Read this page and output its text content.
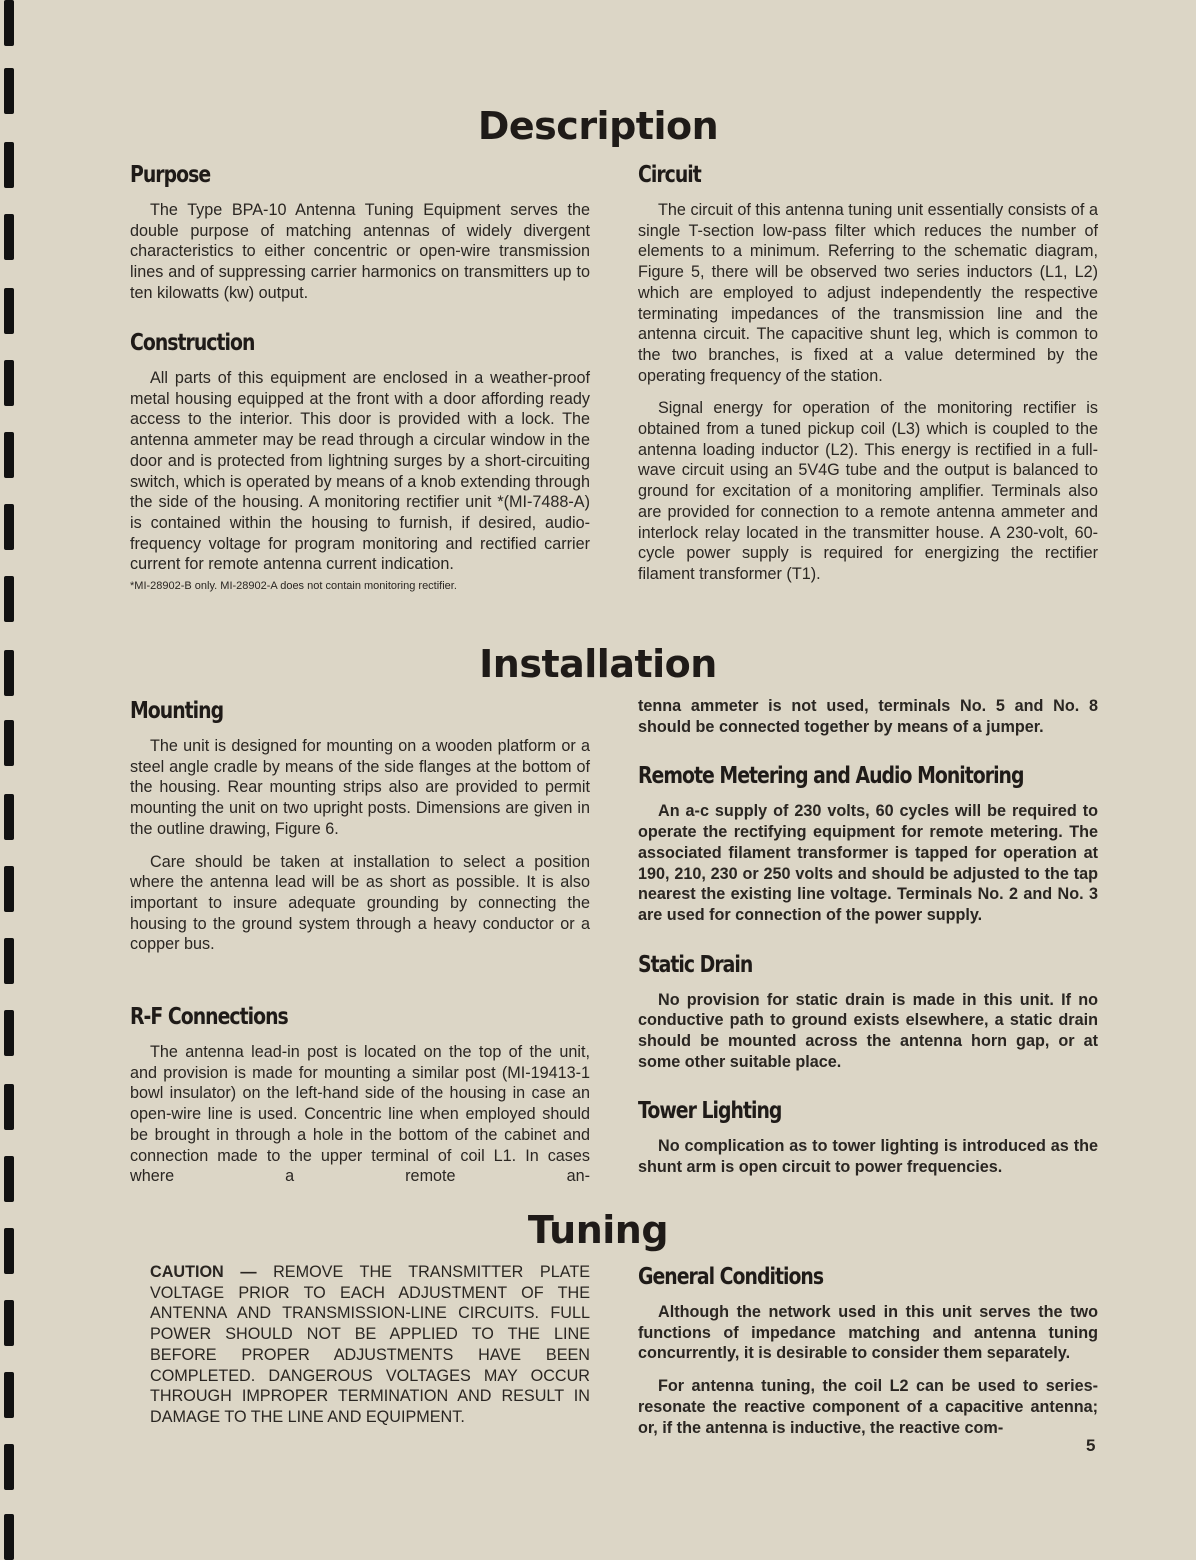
Description
Purpose

The Type BPA-10 Antenna Tuning Equipment serves the double purpose of matching antennas of widely divergent characteristics to either concentric or open-wire transmission lines and of suppressing carrier harmonics on transmitters up to ten kilowatts (kw) output.

Construction

All parts of this equipment are enclosed in a weather-proof metal housing equipped at the front with a door affording ready access to the interior. This door is provided with a lock. The antenna ammeter may be read through a circular window in the door and is protected from lightning surges by a short-circuiting switch, which is operated by means of a knob extending through the side of the housing. A monitoring rectifier unit *(MI-7488-A) is contained within the housing to furnish, if desired, audio-frequency voltage for program monitoring and rectified carrier current for remote antenna current indication.

*MI-28902-B only. MI-28902-A does not contain monitoring rectifier.

Circuit

The circuit of this antenna tuning unit essentially consists of a single T-section low-pass filter which reduces the number of elements to a minimum. Referring to the schematic diagram, Figure 5, there will be observed two series inductors (L1, L2) which are employed to adjust independently the respective terminating impedances of the transmission line and the antenna circuit. The capacitive shunt leg, which is common to the two branches, is fixed at a value determined by the operating frequency of the station.

Signal energy for operation of the monitoring rectifier is obtained from a tuned pickup coil (L3) which is coupled to the antenna loading inductor (L2). This energy is rectified in a full-wave circuit using an 5V4G tube and the output is balanced to ground for excitation of a monitoring amplifier. Terminals also are provided for connection to a remote antenna ammeter and interlock relay located in the transmitter house. A 230-volt, 60-cycle power supply is required for energizing the rectifier filament transformer (T1).

Installation
Mounting

The unit is designed for mounting on a wooden platform or a steel angle cradle by means of the side flanges at the bottom of the housing. Rear mounting strips also are provided to permit mounting the unit on two upright posts. Dimensions are given in the outline drawing, Figure 6.

Care should be taken at installation to select a position where the antenna lead will be as short as possible. It is also important to insure adequate grounding by connecting the housing to the ground system through a heavy conductor or a copper bus.

R-F Connections

The antenna lead-in post is located on the top of the unit, and provision is made for mounting a similar post (MI-19413-1 bowl insulator) on the left-hand side of the housing in case an open-wire line is used. Concentric line when employed should be brought in through a hole in the bottom of the cabinet and connection made to the upper terminal of coil L1. In cases where a remote an-

tenna ammeter is not used, terminals No. 5 and No. 8 should be connected together by means of a jumper.

Remote Metering and Audio Monitoring

An a-c supply of 230 volts, 60 cycles will be required to operate the rectifying equipment for remote metering. The associated filament transformer is tapped for operation at 190, 210, 230 or 250 volts and should be adjusted to the tap nearest the existing line voltage. Terminals No. 2 and No. 3 are used for connection of the power supply.

Static Drain

No provision for static drain is made in this unit. If no conductive path to ground exists elsewhere, a static drain should be mounted across the antenna horn gap, or at some other suitable place.

Tower Lighting

No complication as to tower lighting is introduced as the shunt arm is open circuit to power frequencies.

Tuning

CAUTION — REMOVE THE TRANSMITTER PLATE VOLTAGE PRIOR TO EACH ADJUSTMENT OF THE ANTENNA AND TRANSMISSION-LINE CIRCUITS. FULL POWER SHOULD NOT BE APPLIED TO THE LINE BEFORE PROPER ADJUSTMENTS HAVE BEEN COMPLETED. DANGEROUS VOLTAGES MAY OCCUR THROUGH IMPROPER TERMINATION AND RESULT IN DAMAGE TO THE LINE AND EQUIPMENT.

General Conditions

Although the network used in this unit serves the two functions of impedance matching and antenna tuning concurrently, it is desirable to consider them separately.

For antenna tuning, the coil L2 can be used to series-resonate the reactive component of a capacitive antenna; or, if the antenna is inductive, the reactive com-

5
